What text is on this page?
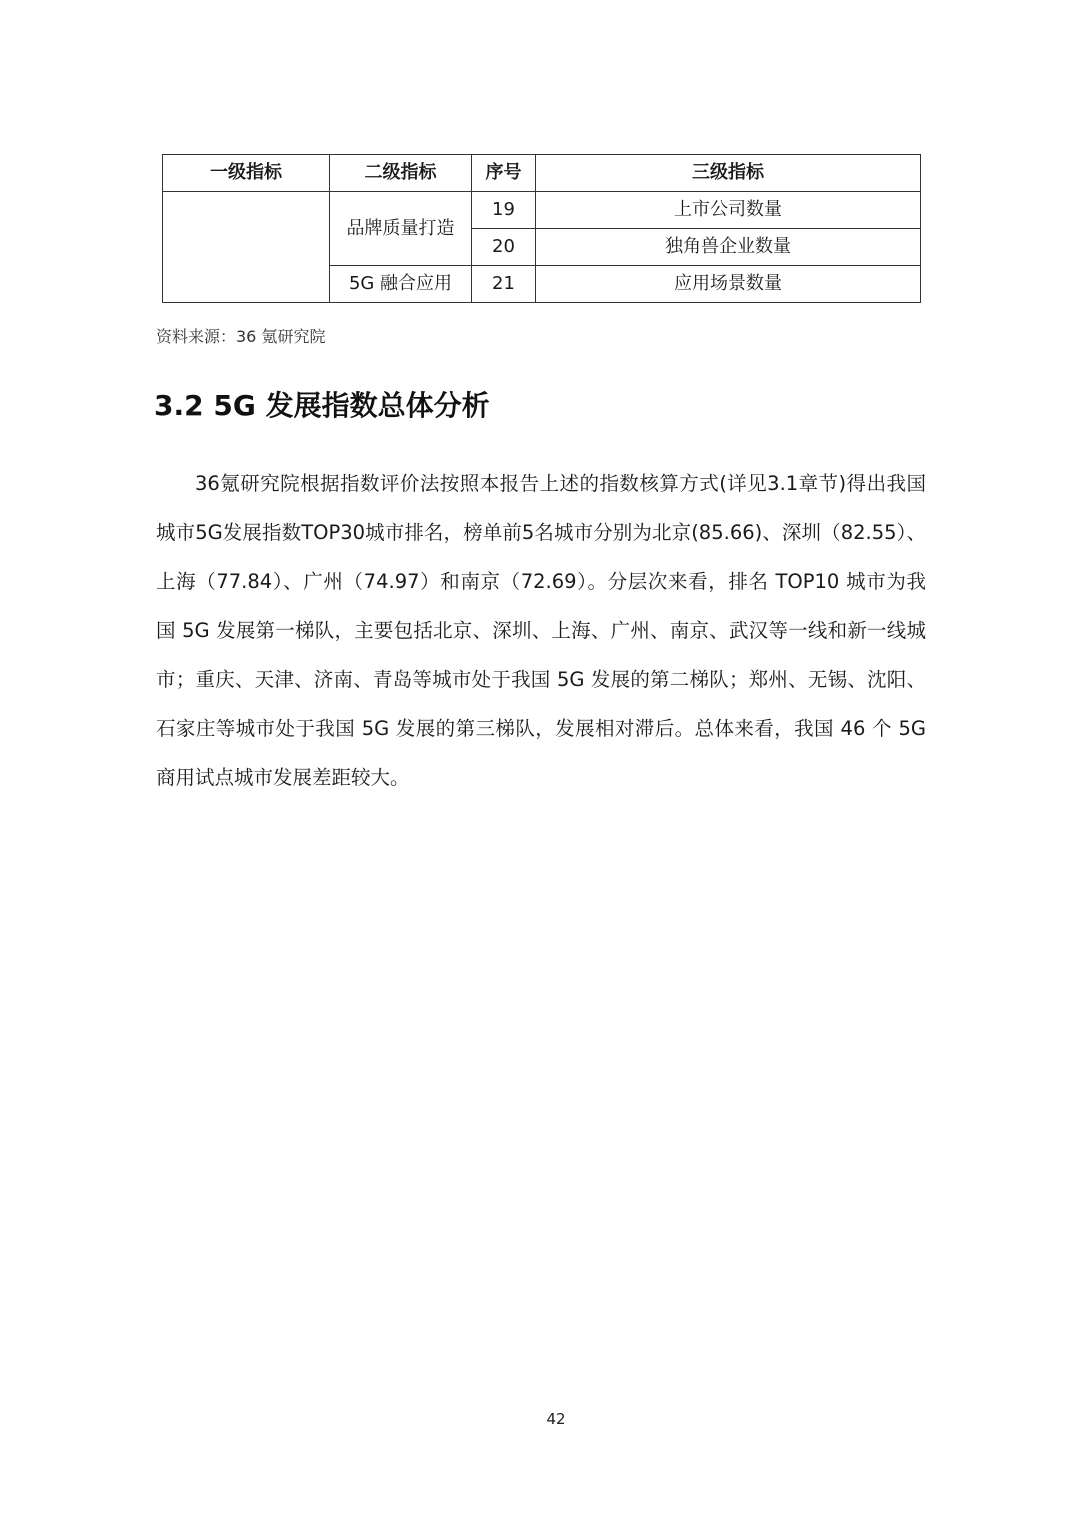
一级指标	二级指标	序号	三级指标
	品牌质量打造	19	上市公司数量
		20	独角兽企业数量
	5G 融合应用	21	应用场景数量
资料来源：36 氪研究院
3.2 5G 发展指数总体分析

36氪研究院根据指数评价法按照本报告上述的指数核算方式(详见3.1章节)得出我国城市5G发展指数TOP30城市排名，榜单前5名城市分别为北京(85.66)、深圳（82.55）、上海（77.84）、广州（74.97）和南京（72.69）。分层次来看，排名 TOP10 城市为我国 5G 发展第一梯队，主要包括北京、深圳、上海、广州、南京、武汉等一线和新一线城市；重庆、天津、济南、青岛等城市处于我国 5G 发展的第二梯队；郑州、无锡、沈阳、石家庄等城市处于我国 5G 发展的第三梯队，发展相对滞后。总体来看，我国 46 个 5G 商用试点城市发展差距较大。

42
